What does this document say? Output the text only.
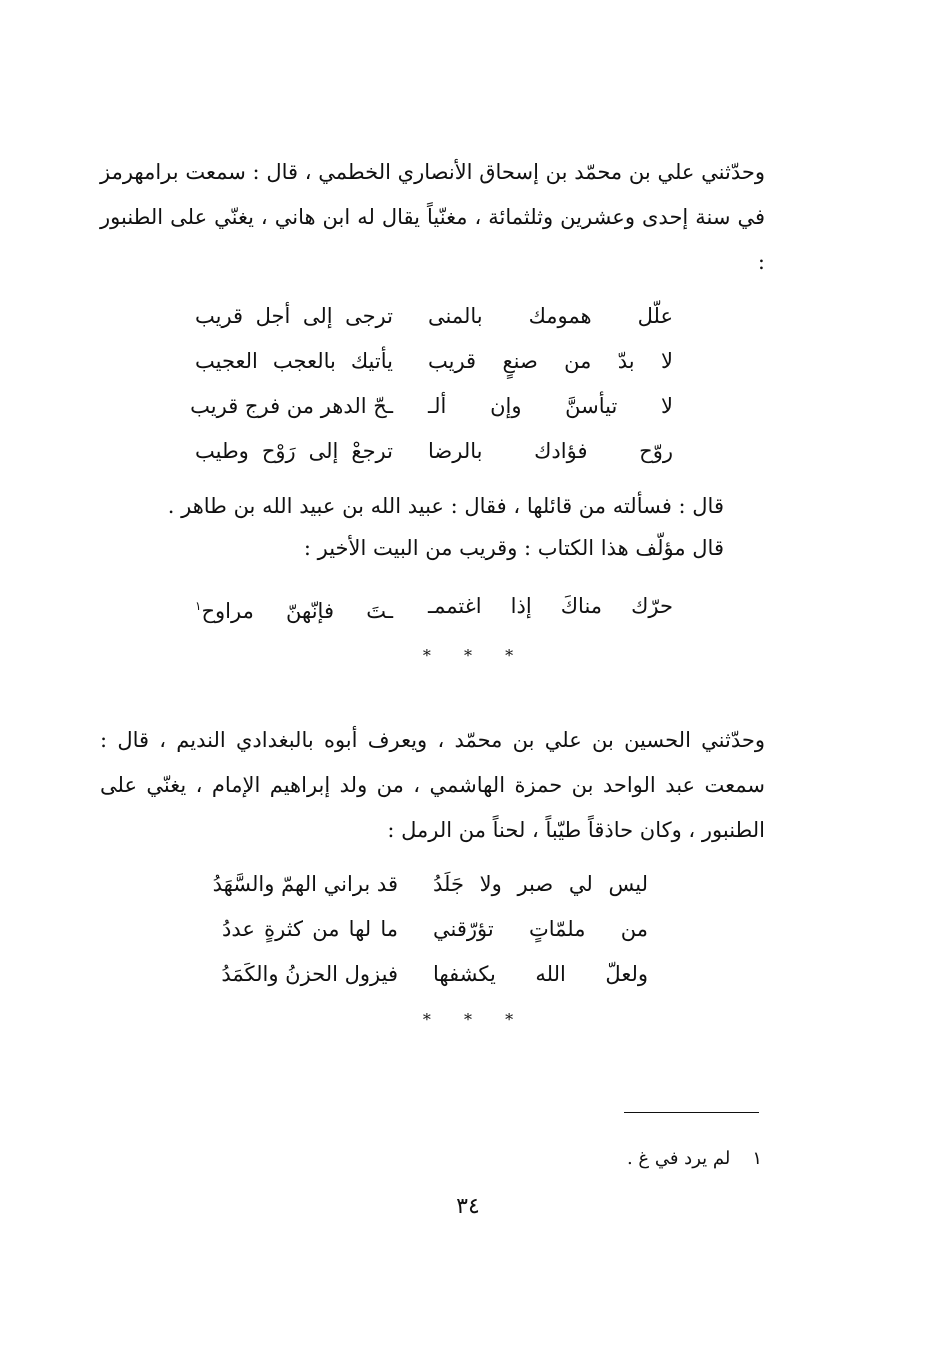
وحدّثني علي بن محمّد بن إسحاق الأنصاري الخطمي ، قال : سمعت برامهرمز في سنة إحدى وعشرين وثلثمائة ، مغنّياً يقال له ابن هاني ، يغنّي على الطنبور :

علّل همومك بالمنى
ترجى إلى أجل قريب
لا بدّ من صنعٍ قريب
يأتيك بالعجب العجيب
لا تيأسنَّ وإن ألـ
ـحّ الدهر من فرج قريب
روّح فؤادك بالرضا
ترجعْ إلى رَوْح وطيب

قال : فسألته من قائلها ، فقال : عبيد الله بن عبيد الله بن طاهر .

قال مؤلّف هذا الكتاب : وقريب من البيت الأخير :

حرّك مناكَ إذا اغتممـ
ـتَ فإنّهنّ مراوح$^١$
* * *

وحدّثني الحسين بن علي بن محمّد ، ويعرف أبوه بالبغدادي النديم ، قال : سمعت عبد الواحد بن حمزة الهاشمي ، من ولد إبراهيم الإمام ، يغنّي على الطنبور ، وكان حاذقاً طيّباً ، لحناً من الرمل :

ليس لي صبر ولا جَلَدُ
قد براني الهمّ والسَّهَدُ
من ملمّاتٍ تؤرّقني
ما لها من كثرةٍ عددُ
ولعلّ الله يكشفها
فيزول الحزنُ والكَمَدُ
* * *
١لم يرد في غ .
٣٤
